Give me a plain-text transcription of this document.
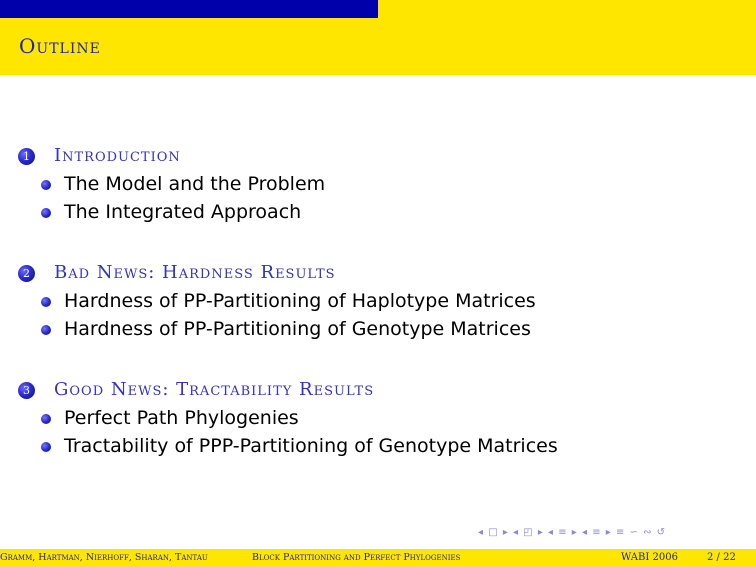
Outline
1 Introduction
The Model and the Problem
The Integrated Approach
2 Bad News: Hardness Results
Hardness of PP-Partitioning of Haplotype Matrices
Hardness of PP-Partitioning of Genotype Matrices
3 Good News: Tractability Results
Perfect Path Phylogenies
Tractability of PPP-Partitioning of Genotype Matrices
◂ □ ▸ ◂ ◰ ▸ ◂ ≡ ▸ ◂ ≡ ▸ ≡ ∽ ∾ ↺
Gramm, Hartman, Nierhoff, Sharan, Tantau	Block Partitioning and Perfect Phylogenies	WABI 2006	2 / 22
